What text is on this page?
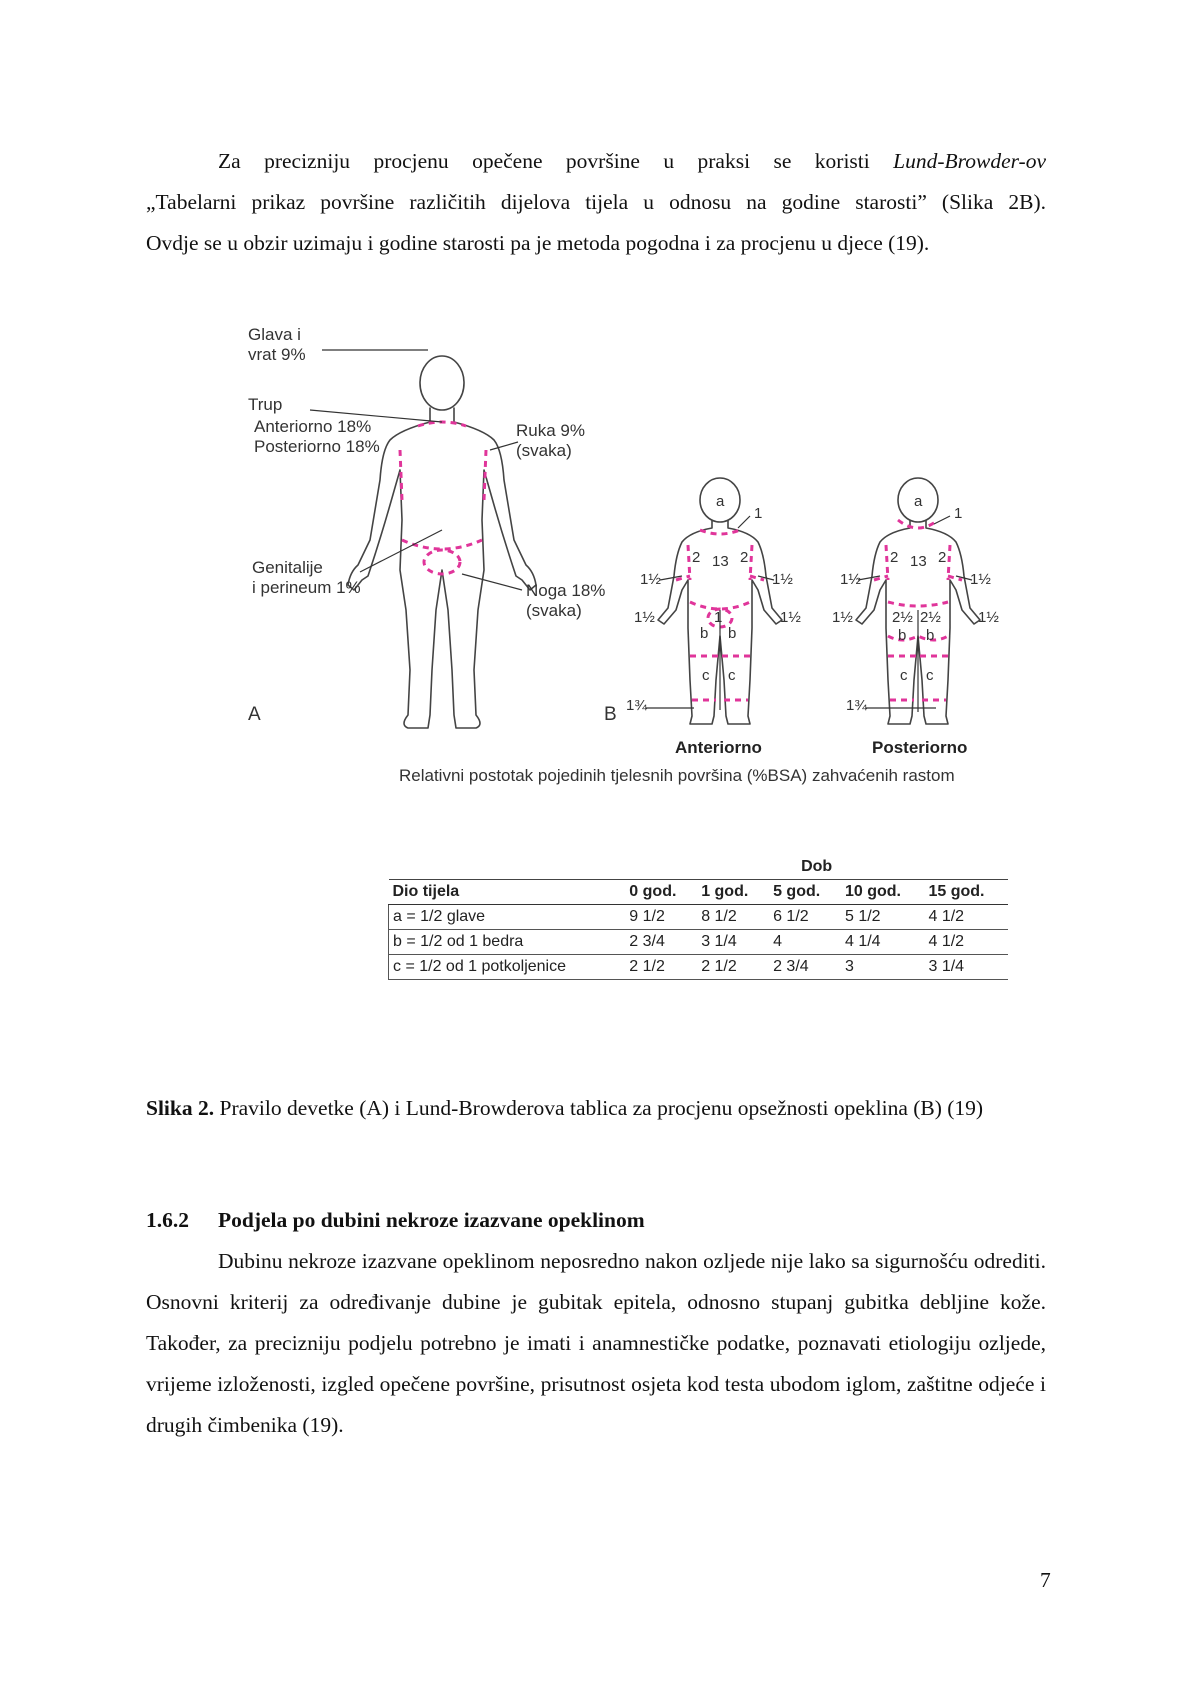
Za precizniju procjenu opečene površine u praksi se koristi Lund-Browder-ov

„Tabelarni prikaz površine različitih dijelova tijela u odnosu na godine starosti” (Slika 2B).

Ovdje se u obzir uzimaju i godine starosti pa je metoda pogodna i za procjenu u djece (19).

Glava i
vrat 9%
Trup
Anteriorno 18%
Posteriorno 18%
Ruka 9%
(svaka)
Genitalije
i perineum 1%	Noga 18%
(svaka)
A	B
a
1
2 13 2
1½	1½
1½	1½
1
b b
c c
1¾
a
1
2 13 2
1½	1½
1½	1½
2½ 2½
b b
c c
1¾
Anteriorno	Posteriorno
Relativni postotak pojedinih tjelesnih površina (%BSA) zahvaćenih rastom
	Dob				
Dio tijela	0 god.	1 god.	5 god.	10 god.	15 god.
a = 1/2 glave	9 1/2	8 1/2	6 1/2	5 1/2	4 1/2
b = 1/2 od 1 bedra	2 3/4	3 1/4	4	4 1/4	4 1/2
c = 1/2 od 1 potkoljenice	2 1/2	2 1/2	2 3/4	3	3 1/4
Slika 2. Pravilo devetke (A) i Lund-Browderova tablica za procjenu opsežnosti opeklina (B) (19)
1.6.2 Podjela po dubini nekroze izazvane opeklinom

Dubinu nekroze izazvane opeklinom neposredno nakon ozljede nije lako sa sigurnošću odrediti. Osnovni kriterij za određivanje dubine je gubitak epitela, odnosno stupanj gubitka debljine kože. Također, za precizniju podjelu potrebno je imati i anamnestičke podatke, poznavati etiologiju ozljede, vrijeme izloženosti, izgled opečene površine, prisutnost osjeta kod testa ubodom iglom, zaštitne odjeće i drugih čimbenika (19).

7
